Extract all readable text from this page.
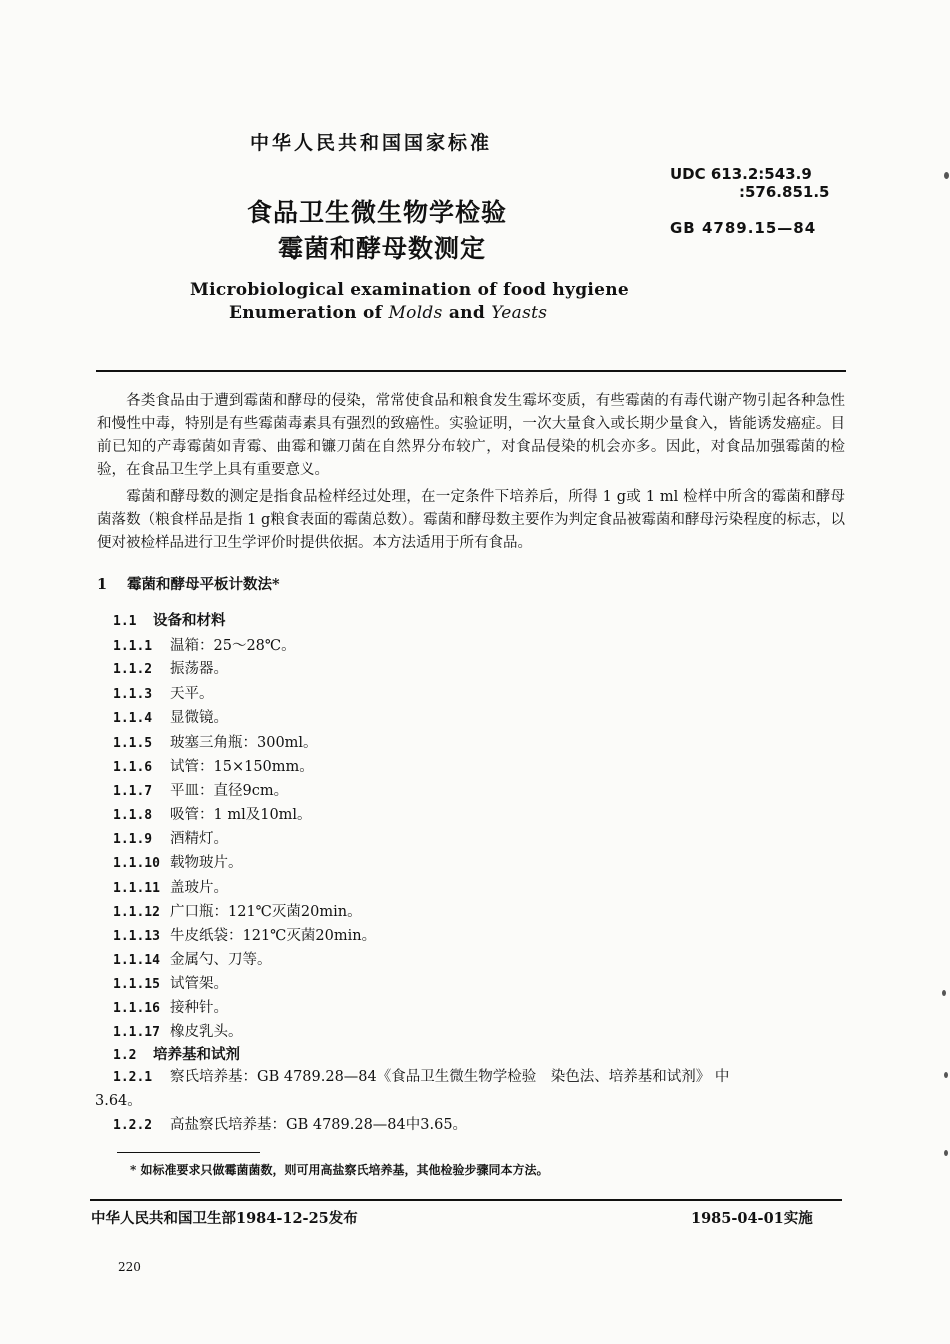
中华人民共和国国家标准
UDC 613.2:543.9
:576.851.5
GB 4789.15—84
食品卫生微生物学检验
霉菌和酵母数测定
Microbiological examination of food hygiene
Enumeration of Molds and Yeasts
各类食品由于遭到霉菌和酵母的侵染，常常使食品和粮食发生霉坏变质，有些霉菌的有毒代谢产物引起各种急性和慢性中毒，特别是有些霉菌毒素具有强烈的致癌性。实验证明，一次大量食入或长期少量食入，皆能诱发癌症。目前已知的产毒霉菌如青霉、曲霉和镰刀菌在自然界分布较广，对食品侵染的机会亦多。因此，对食品加强霉菌的检验，在食品卫生学上具有重要意义。
霉菌和酵母数的测定是指食品检样经过处理，在一定条件下培养后，所得 1 g或 1 ml 检样中所含的霉菌和酵母菌落数（粮食样品是指 1 g粮食表面的霉菌总数）。霉菌和酵母数主要作为判定食品被霉菌和酵母污染程度的标志，以便对被检样品进行卫生学评价时提供依据。本方法适用于所有食品。
1 霉菌和酵母平板计数法*
1.1 设备和材料
1.1.1 温箱：25～28℃。
1.1.2 振荡器。
1.1.3 天平。
1.1.4 显微镜。
1.1.5 玻塞三角瓶：300ml。
1.1.6 试管：15×150mm。
1.1.7 平皿：直径9cm。
1.1.8 吸管：1 ml及10ml。
1.1.9 酒精灯。
1.1.10 载物玻片。
1.1.11 盖玻片。
1.1.12 广口瓶：121℃灭菌20min。
1.1.13 牛皮纸袋：121℃灭菌20min。
1.1.14 金属勺、刀等。
1.1.15 试管架。
1.1.16 接种针。
1.1.17 橡皮乳头。
1.2 培养基和试剂
1.2.1 察氏培养基：GB 4789.28—84《食品卫生微生物学检验　染色法、培养基和试剂》 中
3.64。
1.2.2 高盐察氏培养基：GB 4789.28—84中3.65。
* 如标准要求只做霉菌菌数，则可用高盐察氏培养基，其他检验步骤同本方法。
中华人民共和国卫生部1984-12-25发布	1985-04-01实施
220
